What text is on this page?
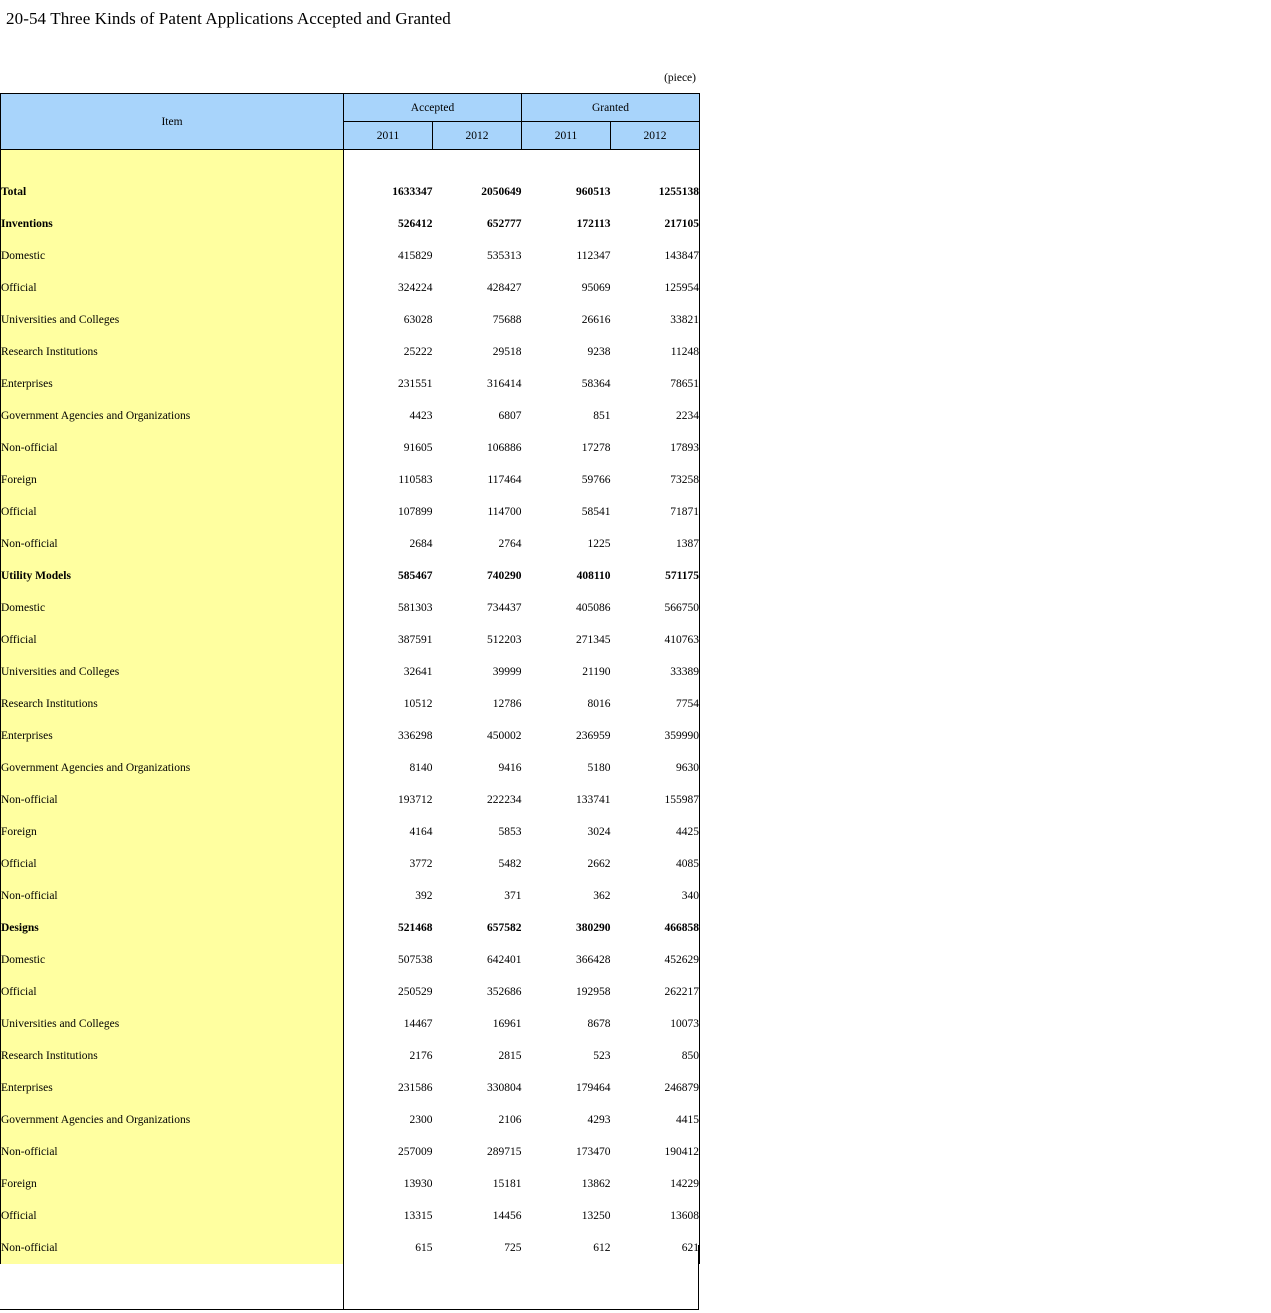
20-54 Three Kinds of Patent Applications Accepted and Granted
(piece)
Item	Accepted		Granted	
	2011	2012	2011	2012

Total	1633347	2050649	960513	1255138
Inventions	526412	652777	172113	217105
Domestic	415829	535313	112347	143847
Official	324224	428427	95069	125954
Universities and Colleges	63028	75688	26616	33821
Research Institutions	25222	29518	9238	11248
Enterprises	231551	316414	58364	78651
Government Agencies and Organizations	4423	6807	851	2234
Non-official	91605	106886	17278	17893
Foreign	110583	117464	59766	73258
Official	107899	114700	58541	71871
Non-official	2684	2764	1225	1387
Utility Models	585467	740290	408110	571175
Domestic	581303	734437	405086	566750
Official	387591	512203	271345	410763
Universities and Colleges	32641	39999	21190	33389
Research Institutions	10512	12786	8016	7754
Enterprises	336298	450002	236959	359990
Government Agencies and Organizations	8140	9416	5180	9630
Non-official	193712	222234	133741	155987
Foreign	4164	5853	3024	4425
Official	3772	5482	2662	4085
Non-official	392	371	362	340
Designs	521468	657582	380290	466858
Domestic	507538	642401	366428	452629
Official	250529	352686	192958	262217
Universities and Colleges	14467	16961	8678	10073
Research Institutions	2176	2815	523	850
Enterprises	231586	330804	179464	246879
Government Agencies and Organizations	2300	2106	4293	4415
Non-official	257009	289715	173470	190412
Foreign	13930	15181	13862	14229
Official	13315	14456	13250	13608
Non-official	615	725	612	621
